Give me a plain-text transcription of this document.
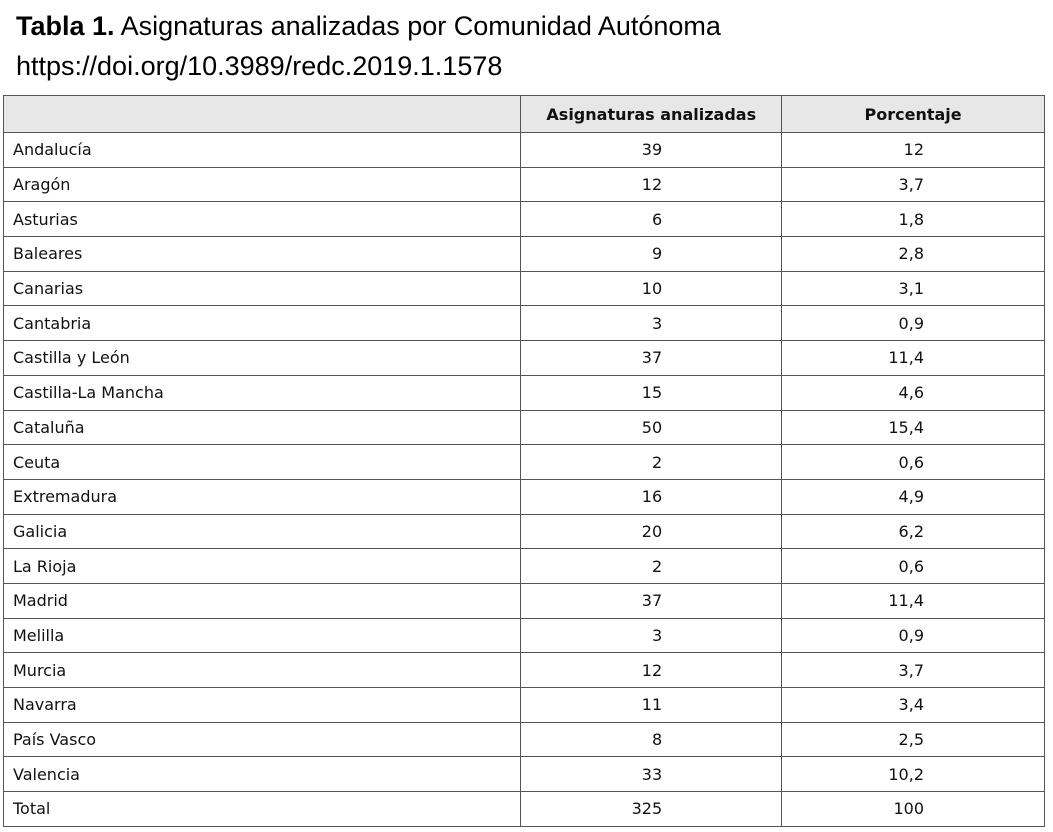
Tabla 1. Asignaturas analizadas por Comunidad Autónoma
https://doi.org/10.3989/redc.2019.1.1578
	Asignaturas analizadas	Porcentaje
Andalucía	39	12
Aragón	12	3,7
Asturias	6	1,8
Baleares	9	2,8
Canarias	10	3,1
Cantabria	3	0,9
Castilla y León	37	11,4
Castilla-La Mancha	15	4,6
Cataluña	50	15,4
Ceuta	2	0,6
Extremadura	16	4,9
Galicia	20	6,2
La Rioja	2	0,6
Madrid	37	11,4
Melilla	3	0,9
Murcia	12	3,7
Navarra	11	3,4
País Vasco	8	2,5
Valencia	33	10,2
Total	325	100
